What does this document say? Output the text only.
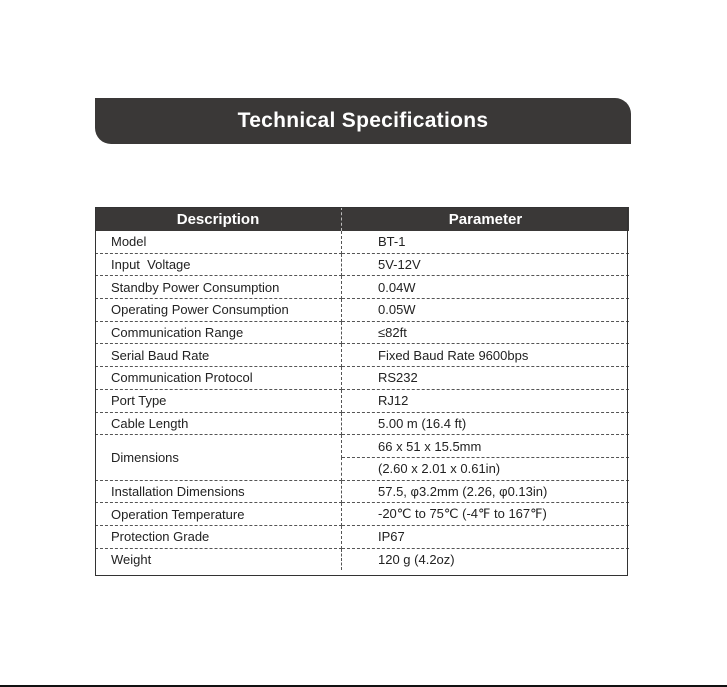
Technical Specifications
Description	Parameter
Model	BT-1
Input  Voltage	5V-12V
Standby Power Consumption	0.04W
Operating Power Consumption	0.05W
Communication Range	≤82ft
Serial Baud Rate	Fixed Baud Rate 9600bps
Communication Protocol	RS232
Port Type	RJ12
Cable Length	5.00 m (16.4 ft)
Dimensions	66 x 51 x 15.5mm
	(2.60 x 2.01 x 0.61in)
Installation Dimensions	57.5, φ3.2mm (2.26, φ0.13in)
Operation Temperature	-20℃ to 75℃ (-4℉ to 167℉)
Protection Grade	IP67
Weight	120 g (4.2oz)
